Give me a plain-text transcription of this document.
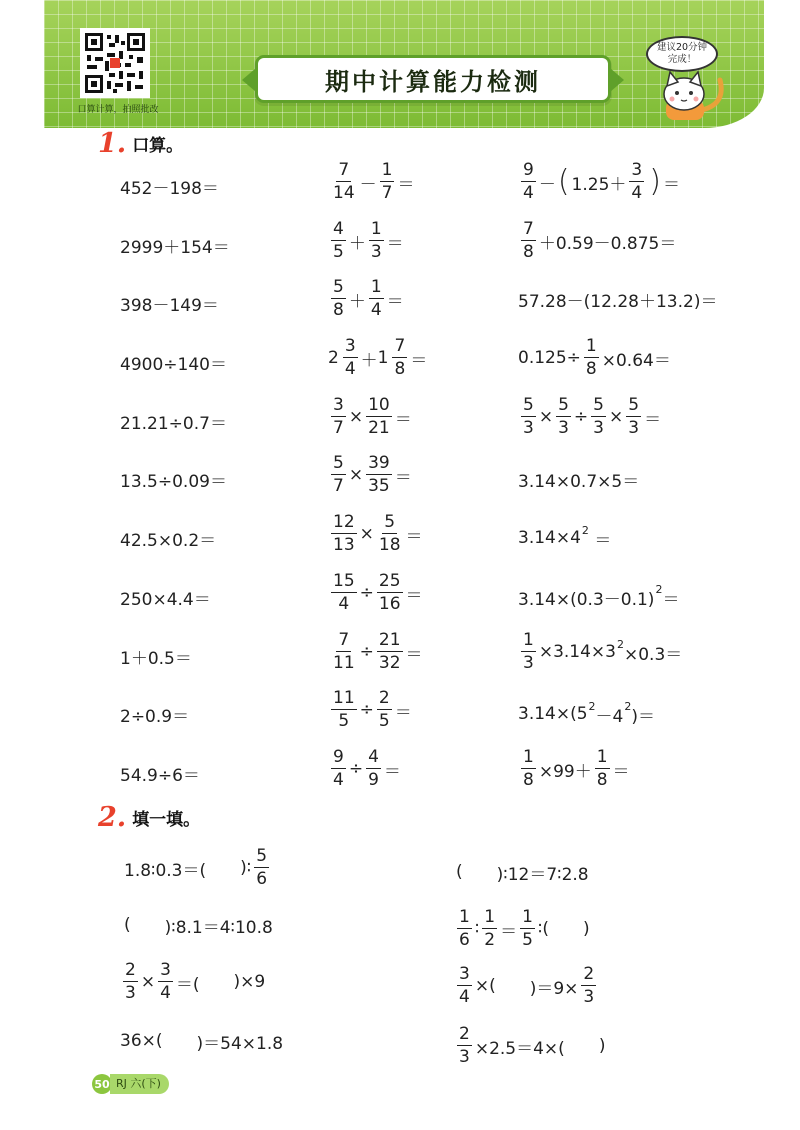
口算计算，拍照批改
期中计算能力检测
建议20分钟
完成！
1. 口算。
452－198＝
2999＋154＝
398－149＝
4900÷140＝
21.21÷0.7＝
13.5÷0.09＝
42.5×0.2＝
250×4.4＝
1＋0.5＝
2÷0.9＝
54.9÷6＝
$\frac{7}{14} - \frac{1}{7}$ ＝
$\frac{4}{5} + \frac{1}{3}$ ＝
$\frac{5}{8} + \frac{1}{4}$ ＝
$2 \frac{3}{4} + 1 \frac{7}{8}$ ＝
$\frac{3}{7} \times \frac{10}{21}$ ＝
$\frac{5}{7} \times \frac{39}{35}$ ＝
$\frac{12}{13} \times \frac{5}{18}$ ＝
$\frac{15}{4} \div \frac{25}{16}$ ＝
$\frac{7}{11} \div \frac{21}{32}$ ＝
$\frac{11}{5} \div \frac{2}{5}$ ＝
$\frac{9}{4} \div \frac{4}{9}$ ＝
$\frac{9}{4}$ － ( $1.25+ \frac{3}{4}$ ) ＝
$\frac{7}{8} +0.59-0.875=$
57.28－(12.28＋13.2)＝
$0.125\div \frac{1}{8} \times 0.64=$
$\frac{5}{3} \times \frac{5}{3} \div \frac{5}{3} \times \frac{5}{3}$ ＝
3.14×0.7×5＝
3.14×4 2
＝
3.14×(0.3－0.1)
2
＝
$\frac{1}{3} \times 3.14\times 3$ 2
×0.3＝
3.14×(5 2
－4
2
)＝
$\frac{1}{8} \times 99+ \frac{1}{8}$ ＝
2. 填一填。
1.8∶0.3＝( )∶ $\frac{5}{6}$
( )∶8.1＝4∶10.8
$\frac{2}{3} \times \frac{3}{4}$ ＝( )×9
36×( )＝54×1.8
( )∶12＝7∶2.8
$\frac{1}{6}$ ∶ $\frac{1}{2} = \frac{1}{5}$ ∶( )
$\frac{3}{4}$ ×( )$=9\times \frac{2}{3}$
$\frac{2}{3} \times 2.5=4\times$( )
50 RJ 六(下)
